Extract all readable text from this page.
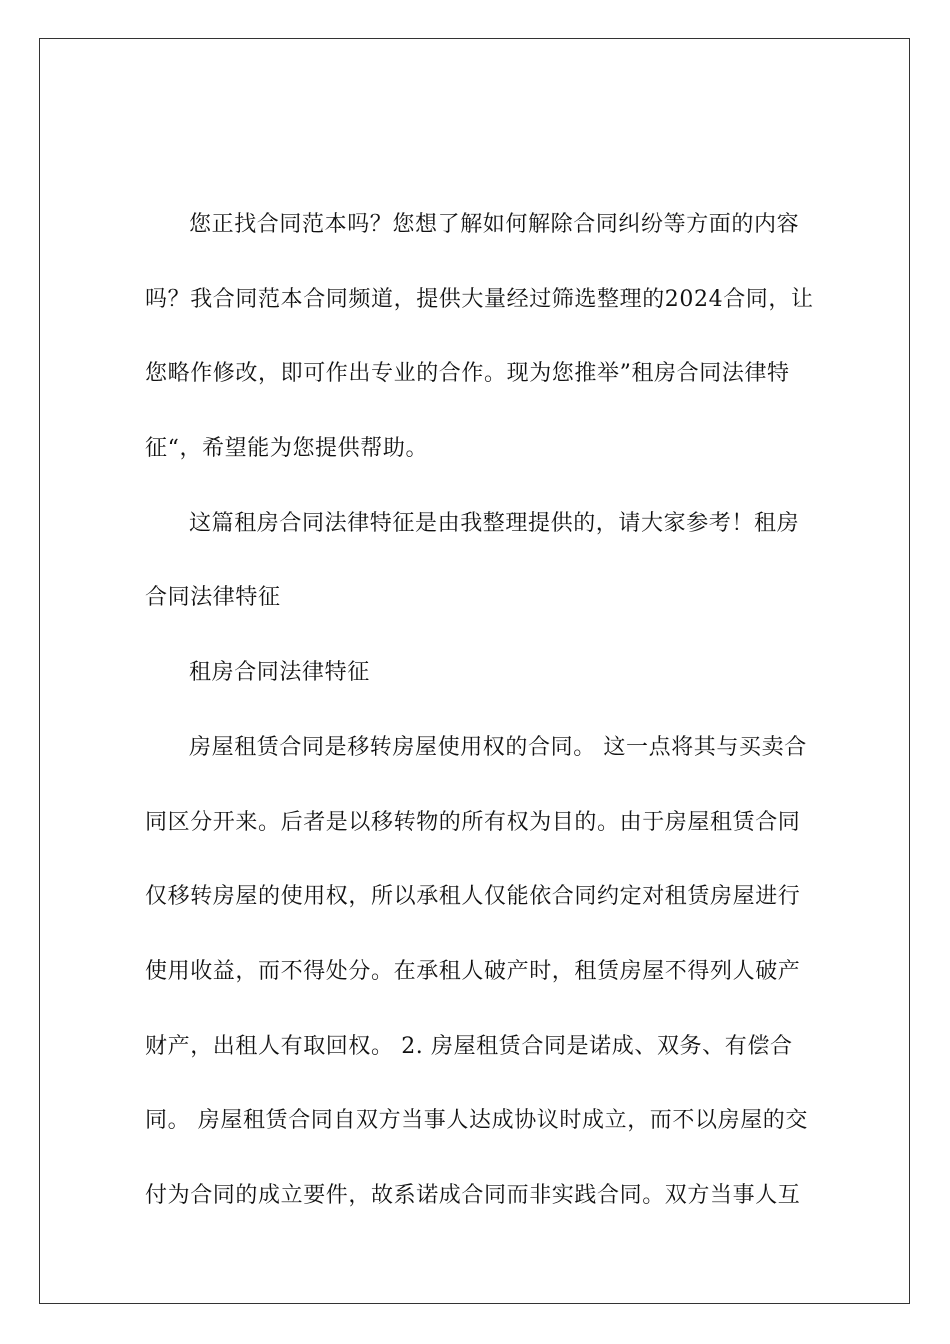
您正找合同范本吗？您想了解如何解除合同纠纷等方面的内容
吗？我合同范本合同频道，提供大量经过筛选整理的2024合同，让
您略作修改，即可作出专业的合作。现为您推举”租房合同法律特
征“，希望能为您提供帮助。
这篇租房合同法律特征是由我整理提供的，请大家参考！租房
合同法律特征
租房合同法律特征
房屋租赁合同是移转房屋使用权的合同。 这一点将其与买卖合
同区分开来。后者是以移转物的所有权为目的。由于房屋租赁合同
仅移转房屋的使用权，所以承租人仅能依合同约定对租赁房屋进行
使用收益，而不得处分。在承租人破产时，租赁房屋不得列人破产
财产，出租人有取回权。 2. 房屋租赁合同是诺成、双务、有偿合
同。 房屋租赁合同自双方当事人达成协议时成立，而不以房屋的交
付为合同的成立要件，故系诺成合同而非实践合同。双方当事人互
